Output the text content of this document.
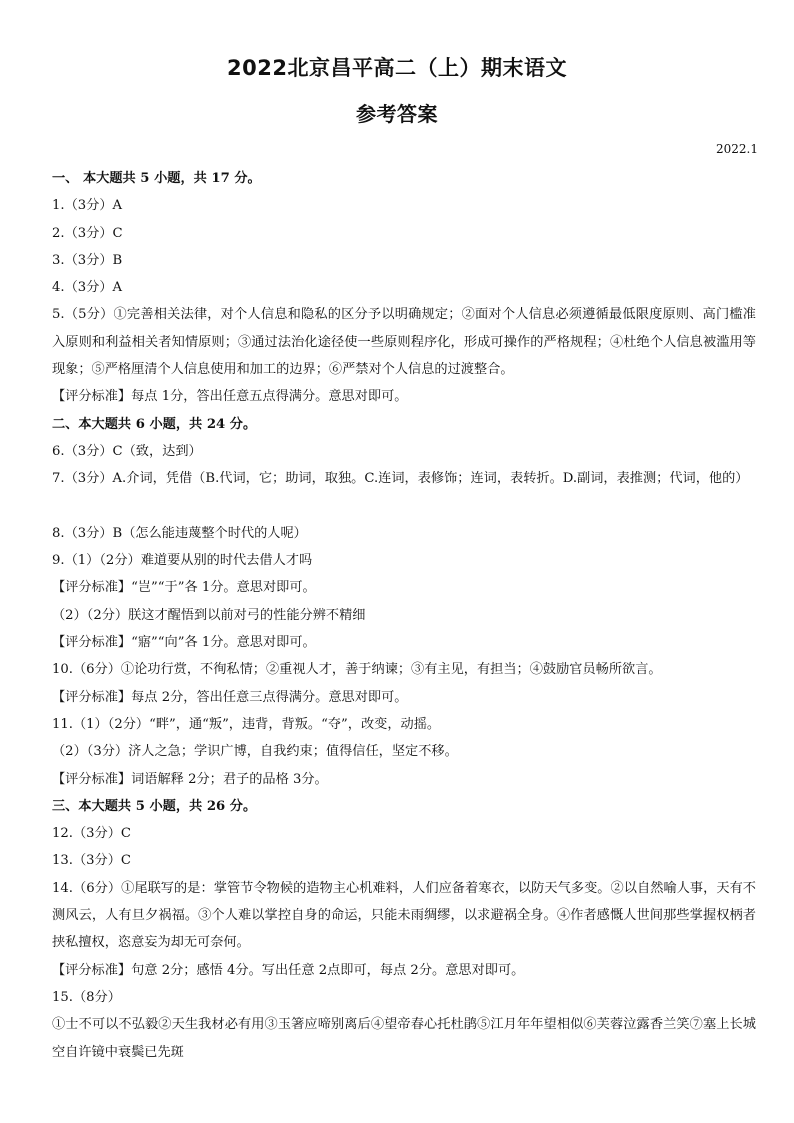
2022北京昌平高二（上）期末语文
参考答案
2022.1
一、 本大题共 5 小题，共 17 分。
1.（3分）A
2.（3分）C
3.（3分）B
4.（3分）A
5.（5分）①完善相关法律，对个人信息和隐私的区分予以明确规定；②面对个人信息必须遵循最低限度原则、高门槛准入原则和利益相关者知情原则；③通过法治化途径使一些原则程序化，形成可操作的严格规程；④杜绝个人信息被滥用等现象；⑤严格厘清个人信息使用和加工的边界；⑥严禁对个人信息的过渡整合。
【评分标准】每点 1分，答出任意五点得满分。意思对即可。
二、本大题共 6 小题，共 24 分。
6.（3分）C（致，达到）
7.（3分）A.介词，凭借（B.代词，它；助词，取独。C.连词，表修饰；连词，表转折。D.副词，表推测；代词，他的）
8.（3分）B（怎么能违蔑整个时代的人呢）
9.（1）（2分）难道要从别的时代去借人才吗
【评分标准】“岂”“于”各 1分。意思对即可。
（2）（2分）朕这才醒悟到以前对弓的性能分辨不精细
【评分标准】“寤”“向”各 1分。意思对即可。
10.（6分）①论功行赏，不徇私情；②重视人才，善于纳谏；③有主见，有担当；④鼓励官员畅所欲言。
【评分标准】每点 2分，答出任意三点得满分。意思对即可。
11.（1）（2分）“畔”，通“叛”，违背，背叛。“夺”，改变，动摇。
（2）（3分）济人之急；学识广博，自我约束；值得信任，坚定不移。
【评分标准】词语解释 2分；君子的品格 3分。
三、本大题共 5 小题，共 26 分。
12.（3分）C
13.（3分）C
14.（6分）①尾联写的是：掌管节令物候的造物主心机难料，人们应备着寒衣，以防天气多变。②以自然喻人事，天有不测风云，人有旦夕祸福。③个人难以掌控自身的命运，只能未雨绸缪，以求避祸全身。④作者感慨人世间那些掌握权柄者挟私擅权，恣意妄为却无可奈何。
【评分标准】句意 2分；感悟 4分。写出任意 2点即可，每点 2分。意思对即可。
15.（8分）
①士不可以不弘毅②天生我材必有用③玉箸应啼别离后④望帝春心托杜鹃⑤江月年年望相似⑥芙蓉泣露香兰笑⑦塞上长城空自许镜中衰鬓已先斑
